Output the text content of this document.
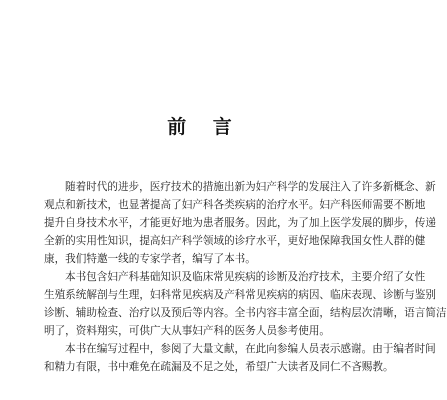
前 言
随着时代的进步，医疗技术的措施出新为妇产科学的发展注入了许多新概念、新
观点和新技术，也显著提高了妇产科各类疾病的治疗水平。妇产科医师需要不断地
提升自身技术水平，才能更好地为患者服务。因此，为了加上医学发展的脚步，传递
全新的实用性知识，提高妇产科学领域的诊疗水平，更好地保障我国女性人群的健
康，我们特邀一线的专家学者，编写了本书。
本书包含妇产科基础知识及临床常见疾病的诊断及治疗技术，主要介绍了女性
生殖系统解剖与生理，妇科常见疾病及产科常见疾病的病因、临床表现、诊断与鉴别
诊断、辅助检查、治疗以及预后等内容。全书内容丰富全面，结构层次清晰，语言简洁
明了，资料翔实，可供广大从事妇产科的医务人员参考使用。
本书在编写过程中，参阅了大量文献，在此向参编人员表示感谢。由于编者时间
和精力有限，书中难免在疏漏及不足之处，希望广大读者及同仁不吝赐教。
